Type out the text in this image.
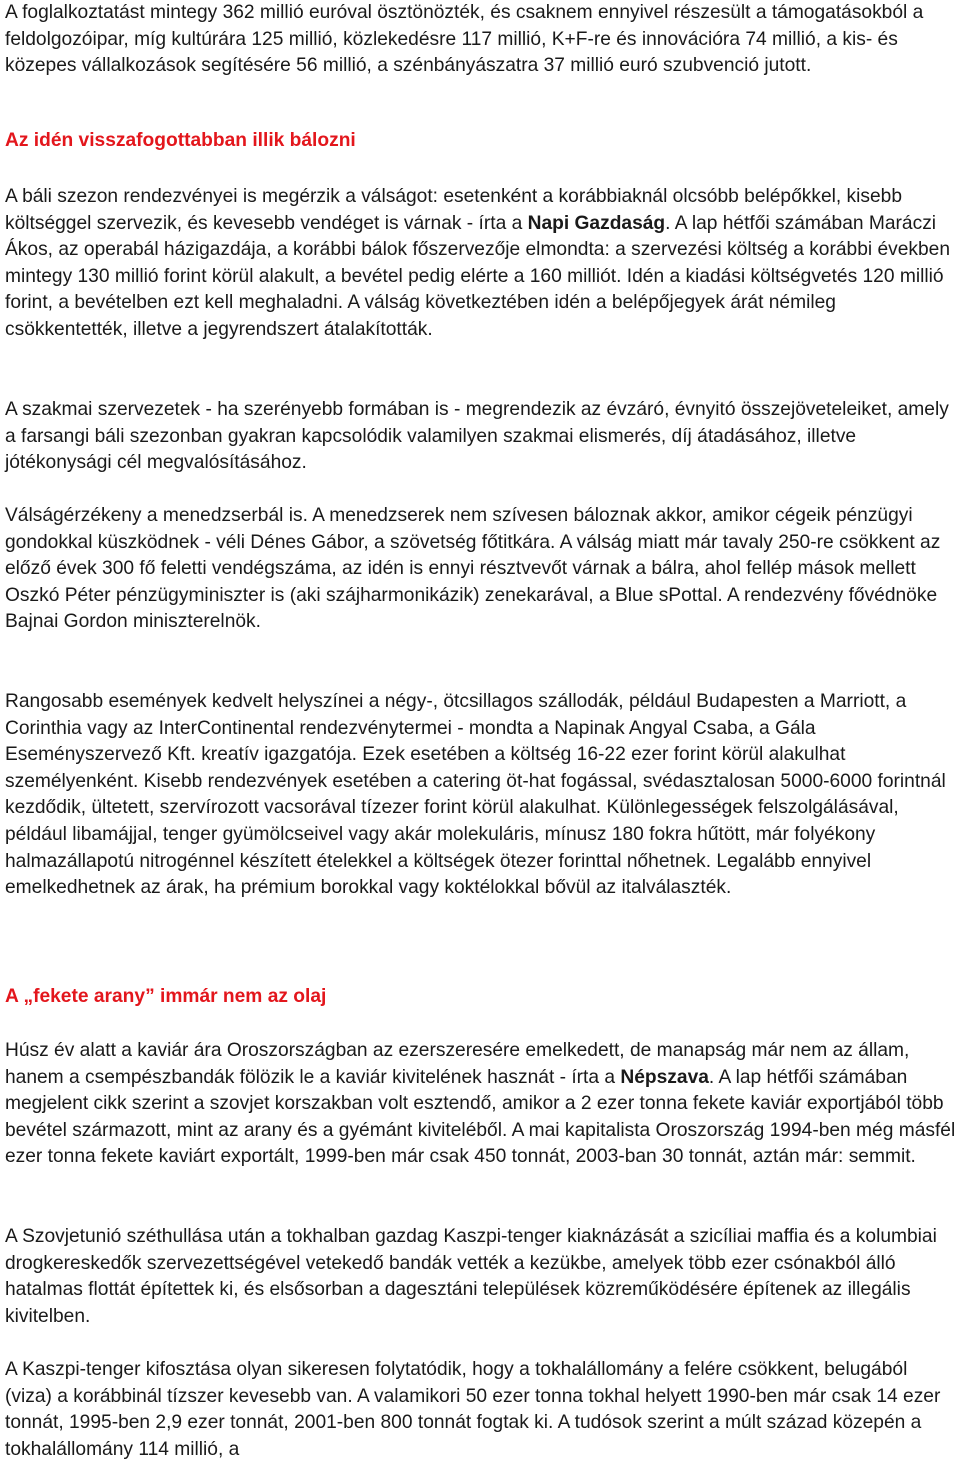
A foglalkoztatást mintegy 362 millió euróval ösztönözték, és csaknem ennyivel részesült a támogatásokból a feldolgozóipar, míg kultúrára 125 millió, közlekedésre 117 millió, K+F-re és innovációra 74 millió, a kis- és közepes vállalkozások segítésére 56 millió, a szénbányászatra 37 millió euró szubvenció jutott.

Az idén visszafogottabban illik bálozni

A báli szezon rendezvényei is megérzik a válságot: esetenként a korábbiaknál olcsóbb belépőkkel, kisebb költséggel szervezik, és kevesebb vendéget is várnak - írta a Napi Gazdaság. A lap hétfői számában Maráczi Ákos, az operabál házigazdája, a korábbi bálok főszervezője elmondta: a szervezési költség a korábbi években mintegy 130 millió forint körül alakult, a bevétel pedig elérte a 160 milliót. Idén a kiadási költségvetés 120 millió forint, a bevételben ezt kell meghaladni. A válság következtében idén a belépőjegyek árát némileg csökkentették, illetve a jegyrendszert átalakították.

A szakmai szervezetek - ha szerényebb formában is - megrendezik az évzáró, évnyitó összejöveteleiket, amely a farsangi báli szezonban gyakran kapcsolódik valamilyen szakmai elismerés, díj átadásához, illetve jótékonysági cél megvalósításához.

Válságérzékeny a menedzserbál is. A menedzserek nem szívesen báloznak akkor, amikor cégeik pénzügyi gondokkal küszködnek - véli Dénes Gábor, a szövetség főtitkára. A válság miatt már tavaly 250-re csökkent az előző évek 300 fő feletti vendégszáma, az idén is ennyi résztvevőt várnak a bálra, ahol fellép mások mellett Oszkó Péter pénzügyminiszter is (aki szájharmonikázik) zenekarával, a Blue sPottal. A rendezvény fővédnöke Bajnai Gordon miniszterelnök.

Rangosabb események kedvelt helyszínei a négy-, ötcsillagos szállodák, például Budapesten a Marriott, a Corinthia vagy az InterContinental rendezvénytermei - mondta a Napinak Angyal Csaba, a Gála Eseményszervező Kft. kreatív igazgatója. Ezek esetében a költség 16-22 ezer forint körül alakulhat személyenként. Kisebb rendezvények esetében a catering öt-hat fogással, svédasztalosan 5000-6000 forintnál kezdődik, ültetett, szervírozott vacsorával tízezer forint körül alakulhat. Különlegességek felszolgálásával, például libamájjal, tenger gyümölcseivel vagy akár molekuláris, mínusz 180 fokra hűtött, már folyékony halmazállapotú nitrogénnel készített ételekkel a költségek ötezer forinttal nőhetnek. Legalább ennyivel emelkedhetnek az árak, ha prémium borokkal vagy koktélokkal bővül az italválaszték.

A „fekete arany” immár nem az olaj

Húsz év alatt a kaviár ára Oroszországban az ezerszeresére emelkedett, de manapság már nem az állam, hanem a csempészbandák fölözik le a kaviár kivitelének hasznát - írta a Népszava. A lap hétfői számában megjelent cikk szerint a szovjet korszakban volt esztendő, amikor a 2 ezer tonna fekete kaviár exportjából több bevétel származott, mint az arany és a gyémánt kiviteléből. A mai kapitalista Oroszország 1994-ben még másfél ezer tonna fekete kaviárt exportált, 1999-ben már csak 450 tonnát, 2003-ban 30 tonnát, aztán már: semmit.

A Szovjetunió széthullása után a tokhalban gazdag Kaszpi-tenger kiaknázását a szicíliai maffia és a kolumbiai drogkereskedők szervezettségével vetekedő bandák vették a kezükbe, amelyek több ezer csónakból álló hatalmas flottát építettek ki, és elsősorban a dagesztáni települések közreműködésére építenek az illegális kivitelben.

A Kaszpi-tenger kifosztása olyan sikeresen folytatódik, hogy a tokhalállomány a felére csökkent, belugából (viza) a korábbinál tízszer kevesebb van. A valamikori 50 ezer tonna tokhal helyett 1990-ben már csak 14 ezer tonnát, 1995-ben 2,9 ezer tonnát, 2001-ben 800 tonnát fogtak ki. A tudósok szerint a múlt század közepén a tokhalállomány 114 millió, a
